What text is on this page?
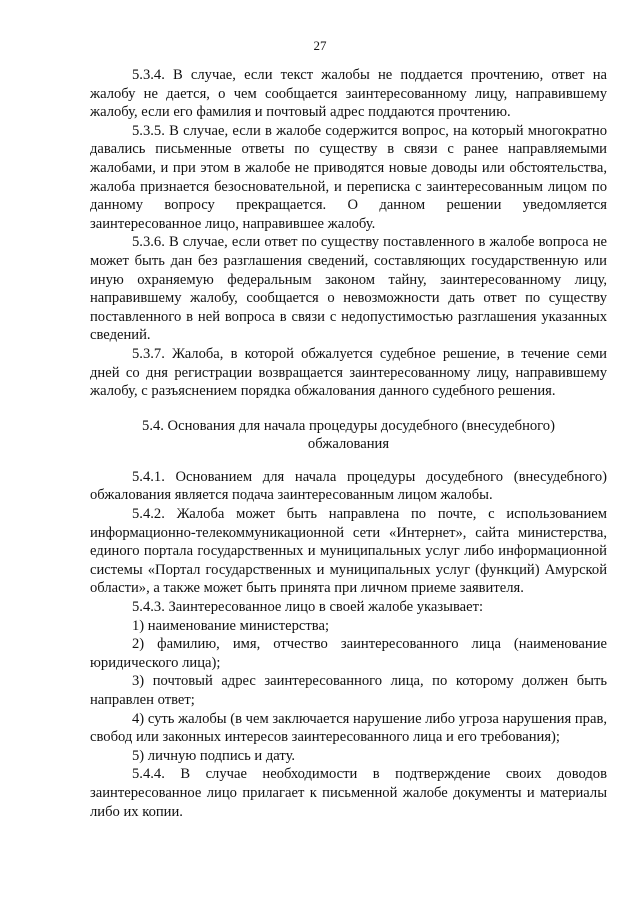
27

5.3.4. В случае, если текст жалобы не поддается прочтению, ответ на жалобу не дается, о чем сообщается заинтересованному лицу, направившему жалобу, если его фамилия и почтовый адрес поддаются прочтению.

5.3.5. В случае, если в жалобе содержится вопрос, на который многократно давались письменные ответы по существу в связи с ранее направляемыми жалобами, и при этом в жалобе не приводятся новые доводы или обстоятельства, жалоба признается безосновательной, и переписка с заинтересованным лицом по данному вопросу прекращается. О данном решении уведомляется заинтересованное лицо, направившее жалобу.

5.3.6. В случае, если ответ по существу поставленного в жалобе вопроса не может быть дан без разглашения сведений, составляющих государственную или иную охраняемую федеральным законом тайну, заинтересованному лицу, направившему жалобу, сообщается о невозможности дать ответ по существу поставленного в ней вопроса в связи с недопустимостью разглашения указанных сведений.

5.3.7. Жалоба, в которой обжалуется судебное решение, в течение семи дней со дня регистрации возвращается заинтересованному лицу, направившему жалобу, с разъяснением порядка обжалования данного судебного решения.

5.4. Основания для начала процедуры досудебного (внесудебного) обжалования

5.4.1. Основанием для начала процедуры досудебного (внесудебного) обжалования является подача заинтересованным лицом жалобы.

5.4.2. Жалоба может быть направлена по почте, с использованием информационно-телекоммуникационной сети «Интернет», сайта министерства, единого портала государственных и муниципальных услуг либо информационной системы «Портал государственных и муниципальных услуг (функций) Амурской области», а также может быть принята при личном приеме заявителя.

5.4.3. Заинтересованное лицо в своей жалобе указывает:

1) наименование министерства;

2) фамилию, имя, отчество заинтересованного лица (наименование юридического лица);

3) почтовый адрес заинтересованного лица, по которому должен быть направлен ответ;

4) суть жалобы (в чем заключается нарушение либо угроза нарушения прав, свобод или законных интересов заинтересованного лица и его требования);

5) личную подпись и дату.

5.4.4. В случае необходимости в подтверждение своих доводов заинтересованное лицо прилагает к письменной жалобе документы и материалы либо их копии.
